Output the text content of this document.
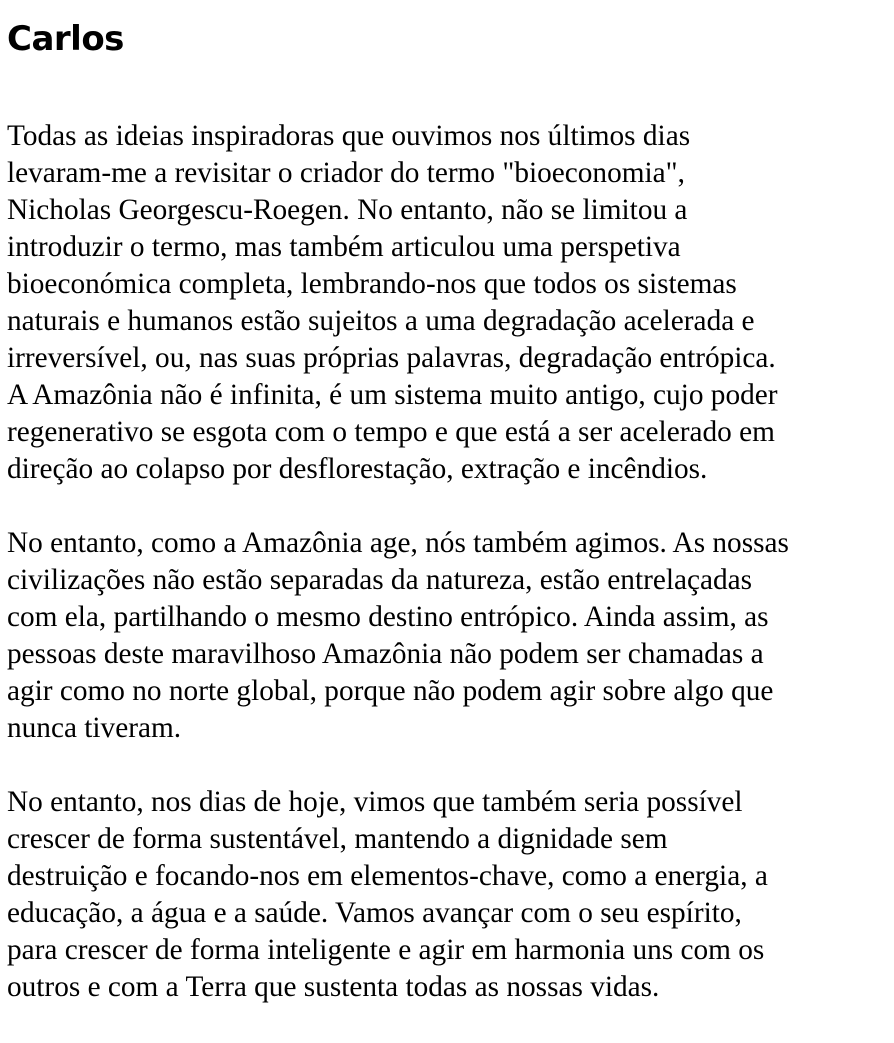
Carlos

Todas as ideias inspiradoras que ouvimos nos últimos dias
levaram-me a revisitar o criador do termo "bioeconomia",
Nicholas Georgescu-Roegen. No entanto, não se limitou a
introduzir o termo, mas também articulou uma perspetiva
bioeconómica completa, lembrando-nos que todos os sistemas
naturais e humanos estão sujeitos a uma degradação acelerada e
irreversível, ou, nas suas próprias palavras, degradação entrópica.
A Amazônia não é infinita, é um sistema muito antigo, cujo poder
regenerativo se esgota com o tempo e que está a ser acelerado em
direção ao colapso por desflorestação, extração e incêndios.

No entanto, como a Amazônia age, nós também agimos. As nossas
civilizações não estão separadas da natureza, estão entrelaçadas
com ela, partilhando o mesmo destino entrópico. Ainda assim, as
pessoas deste maravilhoso Amazônia não podem ser chamadas a
agir como no norte global, porque não podem agir sobre algo que
nunca tiveram.

No entanto, nos dias de hoje, vimos que também seria possível
crescer de forma sustentável, mantendo a dignidade sem
destruição e focando-nos em elementos-chave, como a energia, a
educação, a água e a saúde. Vamos avançar com o seu espírito,
para crescer de forma inteligente e agir em harmonia uns com os
outros e com a Terra que sustenta todas as nossas vidas.
